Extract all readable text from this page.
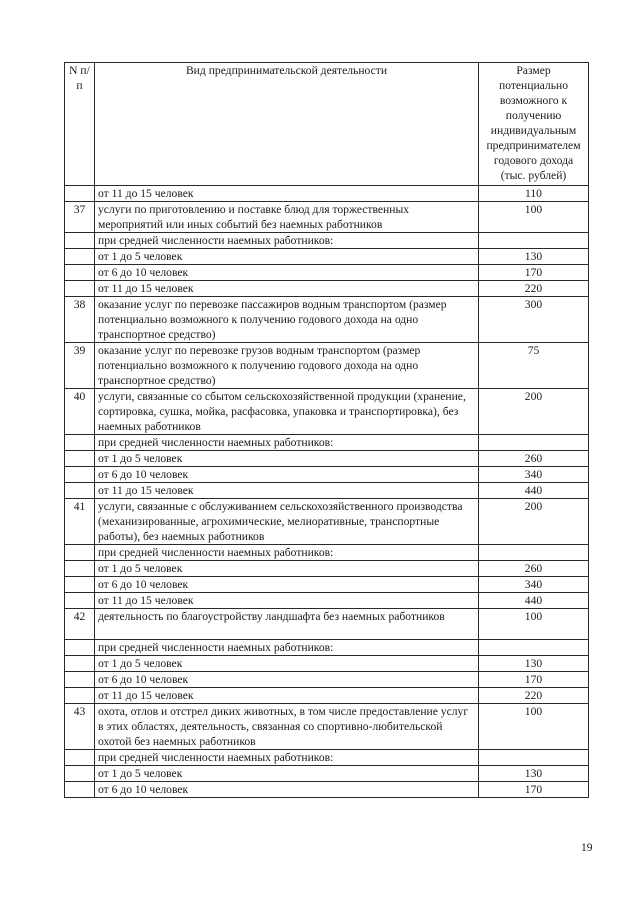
N п/п	Вид предпринимательской деятельности	Размер потенциально возможного к получению индивидуальным предпринимателем годового дохода (тыс. рублей)
	от 11 до 15 человек	110
37	услуги по приготовлению и поставке блюд для торжественных мероприятий или иных событий без наемных работников	100
	при средней численности наемных работников:	
	от 1 до 5 человек	130
	от 6 до 10 человек	170
	от 11 до 15 человек	220
38	оказание услуг по перевозке пассажиров водным транспортом (размер потенциально возможного к получению годового дохода на одно транспортное средство)	300
39	оказание услуг по перевозке грузов водным транспортом (размер потенциально возможного к получению годового дохода на одно транспортное средство)	75
40	услуги, связанные со сбытом сельскохозяйственной продукции (хранение, сортировка, сушка, мойка, расфасовка, упаковка и транспортировка), без наемных работников	200
	при средней численности наемных работников:	
	от 1 до 5 человек	260
	от 6 до 10 человек	340
	от 11 до 15 человек	440
41	услуги, связанные с обслуживанием сельскохозяйственного производства (механизированные, агрохимические, мелиоративные, транспортные работы), без наемных работников	200
	при средней численности наемных работников:	
	от 1 до 5 человек	260
	от 6 до 10 человек	340
	от 11 до 15 человек	440
42	деятельность по благоустройству ландшафта без наемных работников	100
	при средней численности наемных работников:	
	от 1 до 5 человек	130
	от 6 до 10 человек	170
	от 11 до 15 человек	220
43	охота, отлов и отстрел диких животных, в том числе предоставление услуг в этих областях, деятельность, связанная со спортивно-любительской охотой без наемных работников	100
	при средней численности наемных работников:	
	от 1 до 5 человек	130
	от 6 до 10 человек	170
19
